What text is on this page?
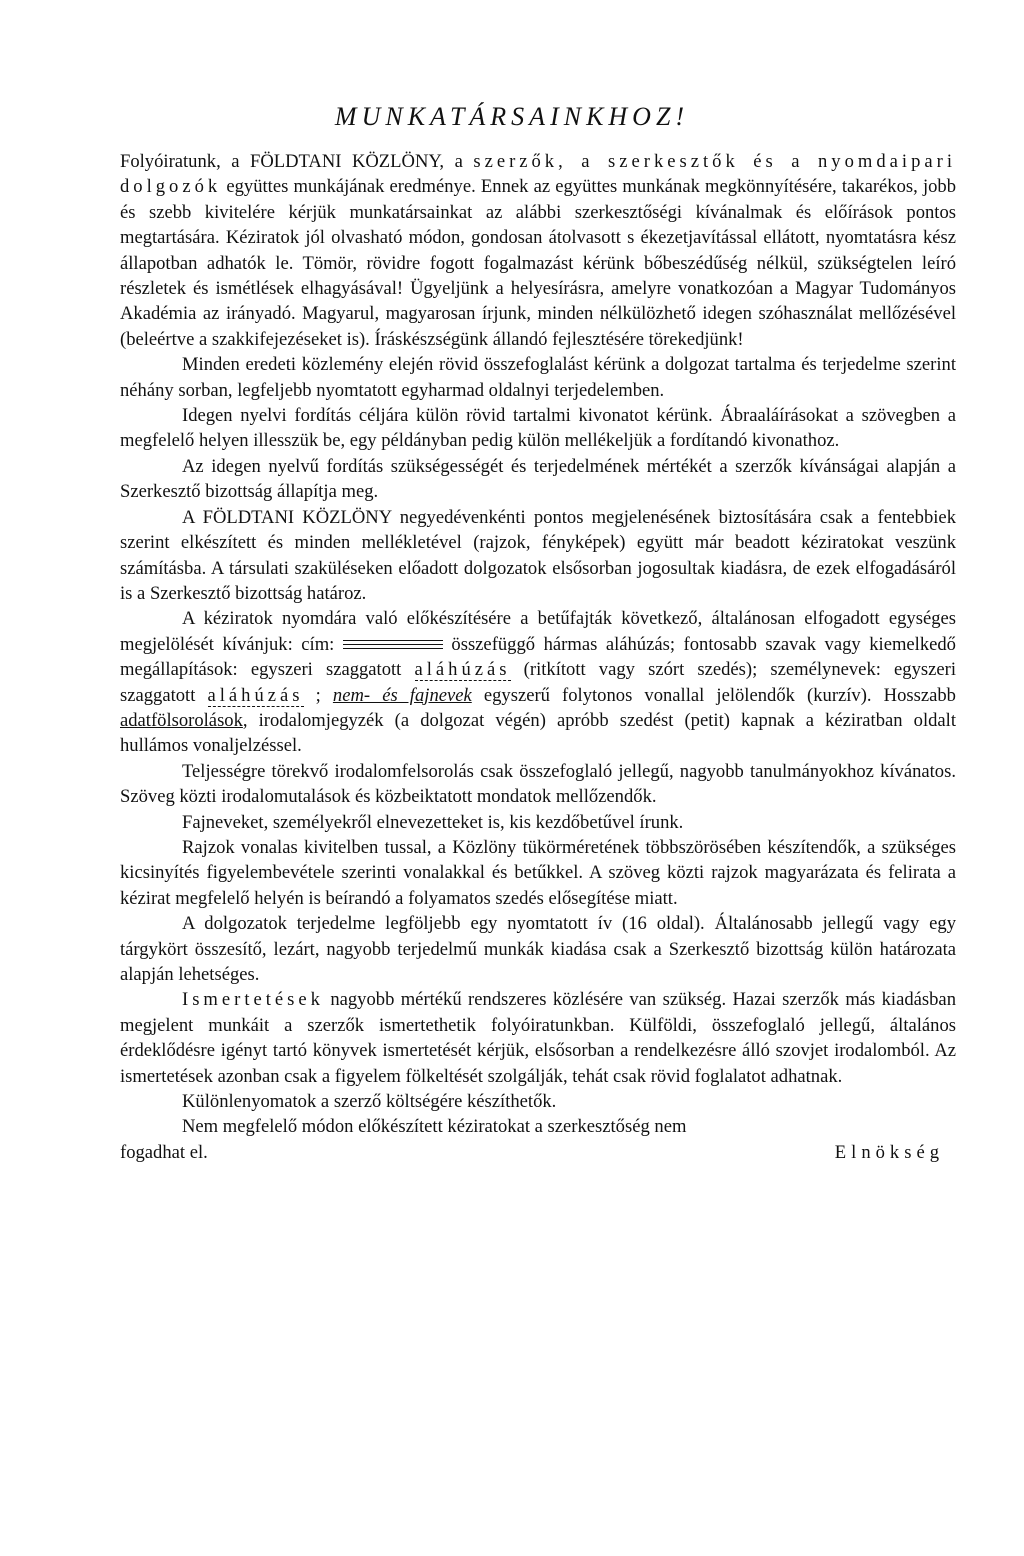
MUNKATÁRSAINKHOZ!

Folyóiratunk, a FÖLDTANI KÖZLÖNY, a szerzők, a szerkesztők és a nyomdaipari dolgozók együttes munkájának eredménye. Ennek az együttes munkának megkönnyítésére, takarékos, jobb és szebb kivitelére kérjük munkatársainkat az alábbi szerkesztőségi kívánalmak és előírások pontos megtartására. Kéziratok jól olvasható módon, gondosan átolvasott s ékezetjavítással ellátott, nyomtatásra kész állapotban adhatók le. Tömör, rövidre fogott fogalmazást kérünk bőbeszédűség nélkül, szükségtelen leíró részletek és ismétlések elhagyásával! Ügyeljünk a helyesírásra, amelyre vonatkozóan a Magyar Tudományos Akadémia az irányadó. Magyarul, magyarosan írjunk, minden nélkülözhető idegen szóhasználat mellőzésével (beleértve a szakkifejezéseket is). Íráskészségünk állandó fejlesztésére törekedjünk!

Minden eredeti közlemény elején rövid összefoglalást kérünk a dolgozat tartalma és terjedelme szerint néhány sorban, legfeljebb nyomtatott egyharmad oldalnyi terjedelemben.

Idegen nyelvi fordítás céljára külön rövid tartalmi kivonatot kérünk. Ábraaláírásokat a szövegben a megfelelő helyen illesszük be, egy példányban pedig külön mellékeljük a fordítandó kivonathoz.

Az idegen nyelvű fordítás szükségességét és terjedelmének mértékét a szerzők kívánságai alapján a Szerkesztő bizottság állapítja meg.

A FÖLDTANI KÖZLÖNY negyedévenkénti pontos megjelenésének biztosítására csak a fentebbiek szerint elkészített és minden mellékletével (rajzok, fényképek) együtt már beadott kéziratokat veszünk számításba. A társulati szaküléseken előadott dolgozatok elsősorban jogosultak kiadásra, de ezek elfogadásáról is a Szerkesztő bizottság határoz.

A kéziratok nyomdára való előkészítésére a betűfajták következő, általánosan elfogadott egységes megjelölését kívánjuk: cím:	összefüggő hármas aláhúzás; fontosabb szavak vagy kiemelkedő megállapítások: egyszeri szaggatott aláhúzás (ritkított vagy szórt szedés); személynevek: egyszeri szaggatott aláhúzás ; nem- és fajnevek egyszerű folytonos vonallal jelölendők (kurzív). Hosszabb adatfölsorolások, irodalomjegyzék (a dolgozat végén) apróbb szedést (petit) kapnak a kéziratban oldalt hullámos vonaljelzéssel.

Teljességre törekvő irodalomfelsorolás csak összefoglaló jellegű, nagyobb tanulmányokhoz kívánatos. Szöveg közti irodalomutalások és közbeiktatott mondatok mellőzendők.

Fajneveket, személyekről elnevezetteket is, kis kezdőbetűvel írunk.

Rajzok vonalas kivitelben tussal, a Közlöny tükörméretének többszörösében készítendők, a szükséges kicsinyítés figyelembevétele szerinti vonalakkal és betűkkel. A szöveg közti rajzok magyarázata és felirata a kézirat megfelelő helyén is beírandó a folyamatos szedés elősegítése miatt.

A dolgozatok terjedelme legföljebb egy nyomtatott ív (16 oldal). Általánosabb jellegű vagy egy tárgykört összesítő, lezárt, nagyobb terjedelmű munkák kiadása csak a Szerkesztő bizottság külön határozata alapján lehetséges.

Ismertetések nagyobb mértékű rendszeres közlésére van szükség. Hazai szerzők más kiadásban megjelent munkáit a szerzők ismertethetik folyóiratunkban. Külföldi, összefoglaló jellegű, általános érdeklődésre igényt tartó könyvek ismertetését kérjük, elsősorban a rendelkezésre álló szovjet irodalomból. Az ismertetések azonban csak a figyelem fölkeltését szolgálják, tehát csak rövid foglalatot adhatnak.

Különlenyomatok a szerző költségére készíthetők.

Nem megfelelő módon előkészített kéziratokat a szerkesztőség nem

fogadhat el.	Elnökség
